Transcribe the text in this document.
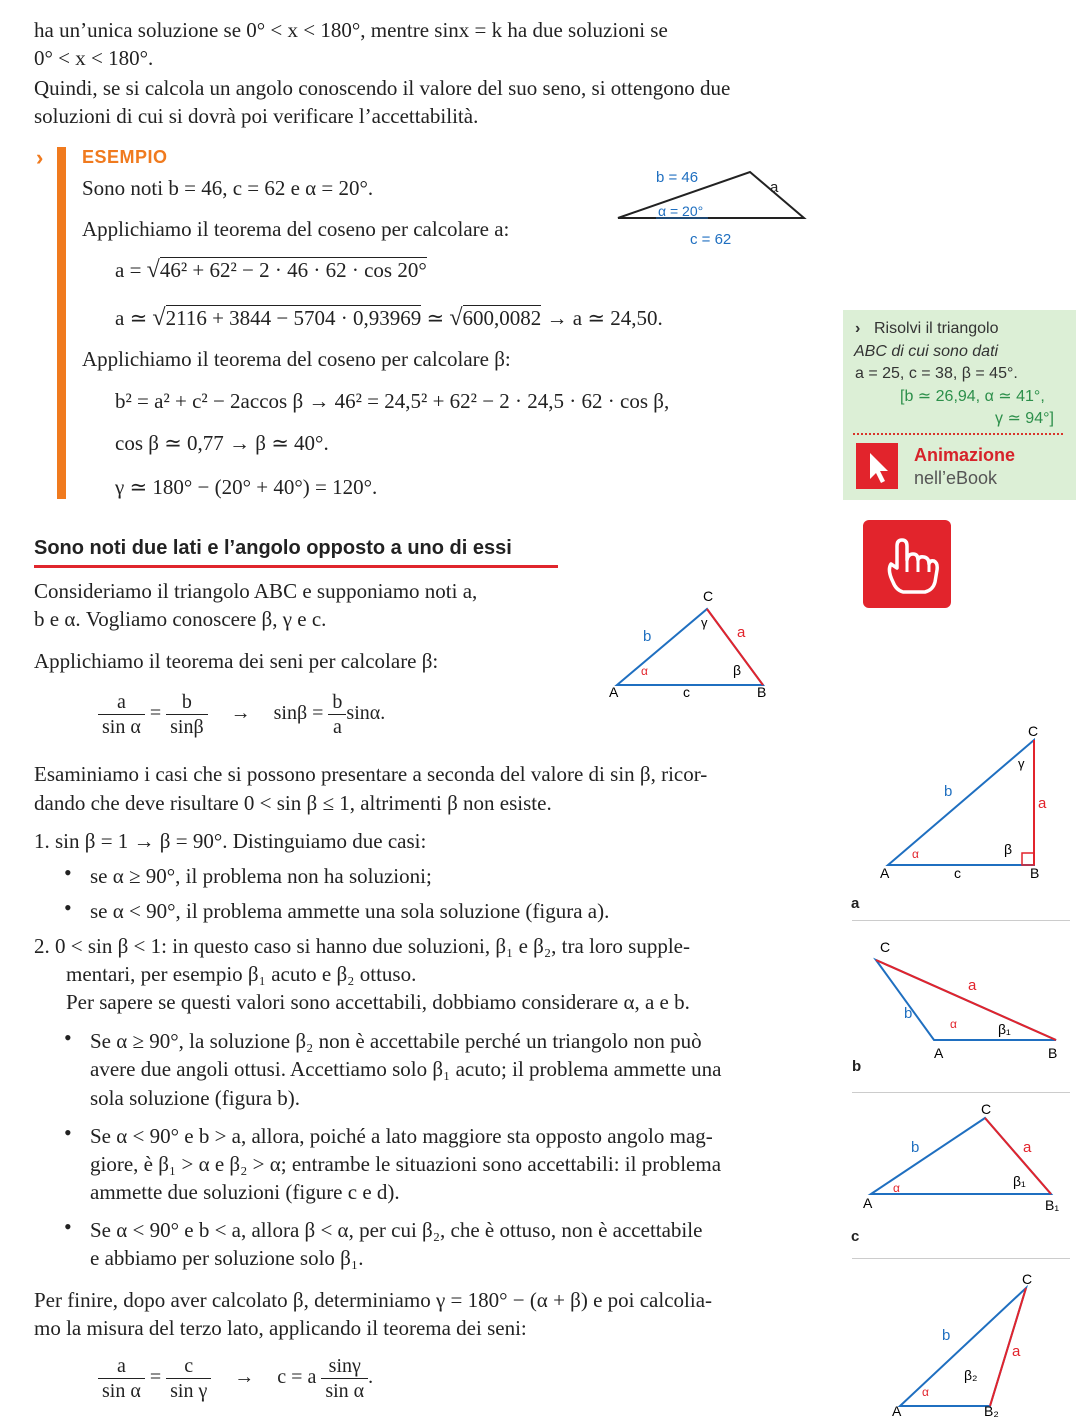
ha un’unica soluzione se 0° < x < 180°, mentre sinx = k ha due soluzioni se
0° < x < 180°.
Quindi, se si calcola un angolo conoscendo il valore del suo seno, si ottengono due
soluzioni di cui si dovrà poi verificare l’accettabilità.
› ESEMPIO
Sono noti b = 46, c = 62 e α = 20°.
Applichiamo il teorema del coseno per calcolare a:
a = √46² + 62² − 2 · 46 · 62 · cos 20°
a ≃ √2116 + 3844 − 5704 · 0,93969 ≃ √600,0082 → a ≃ 24,50.
Applichiamo il teorema del coseno per calcolare β:
b² = a² + c² − 2accos β → 46² = 24,5² + 62² − 2 · 24,5 · 62 · cos β,
cos β ≃ 0,77 → β ≃ 40°.
γ ≃ 180° − (20° + 40°) = 120°.
b = 46
a
α = 20°
c = 62
› Risolvi il triangolo
ABC di cui sono dati
a = 25, c = 38, β = 45°.
[b ≃ 26,94, α ≃ 41°,
γ ≃ 94°]
Animazione
nell’eBook
Sono noti due lati e l’angolo opposto a uno di essi
Consideriamo il triangolo ABC e supponiamo noti a,
b e α. Vogliamo conoscere β, γ e c.
Applichiamo il teorema dei seni per calcolare β:
$\frac{a}{\text{sin α}} = \frac{b}{\sin\beta} \to \sin\beta = \frac{b}{a} \sin\alpha$.
C
b
γ
a
α	β
A	c	B
Esaminiamo i casi che si possono presentare a seconda del valore di sin β, ricor-
dando che deve risultare 0 < sin β ≤ 1, altrimenti β non esiste.
1. sin β = 1 → β = 90°. Distinguiamo due casi:
• se α ≥ 90°, il problema non ha soluzioni;
• se α < 90°, il problema ammette una sola soluzione (figura a).
2. 0 < sin β < 1: in questo caso si hanno due soluzioni, β₁ e β₂, tra loro supple-
mentari, per esempio β₁ acuto e β₂ ottuso.
Per sapere se questi valori sono accettabili, dobbiamo considerare α, a e b.
• Se α ≥ 90°, la soluzione β₂ non è accettabile perché un triangolo non può
avere due angoli ottusi. Accettiamo solo β₁ acuto; il problema ammette una
sola soluzione (figura b).
• Se α < 90° e b > a, allora, poiché a lato maggiore sta opposto angolo mag-
giore, è β₁ > α e β₂ > α; entrambe le situazioni sono accettabili: il problema
ammette due soluzioni (figure c e d).
• Se α < 90° e b < a, allora β < α, per cui β₂, che è ottuso, non è accettabile
e abbiamo per soluzione solo β₁.
Per finire, dopo aver calcolato β, determiniamo γ = 180° − (α + β) e poi calcolia-
mo la misura del terzo lato, applicando il teorema dei seni:
$\frac{a}{\text{sin α}} = \frac{c}{\text{sin γ}} \to c = a \frac{\sin\gamma}{\text{sin α}}$ .
C
γ
b
a
β
α
A	c	B
a
C
a
b
α	β₁
A	B
b
C
b	a
α	β₁
A	B₁
c
C
b
a
β₂
α
A	B₂
